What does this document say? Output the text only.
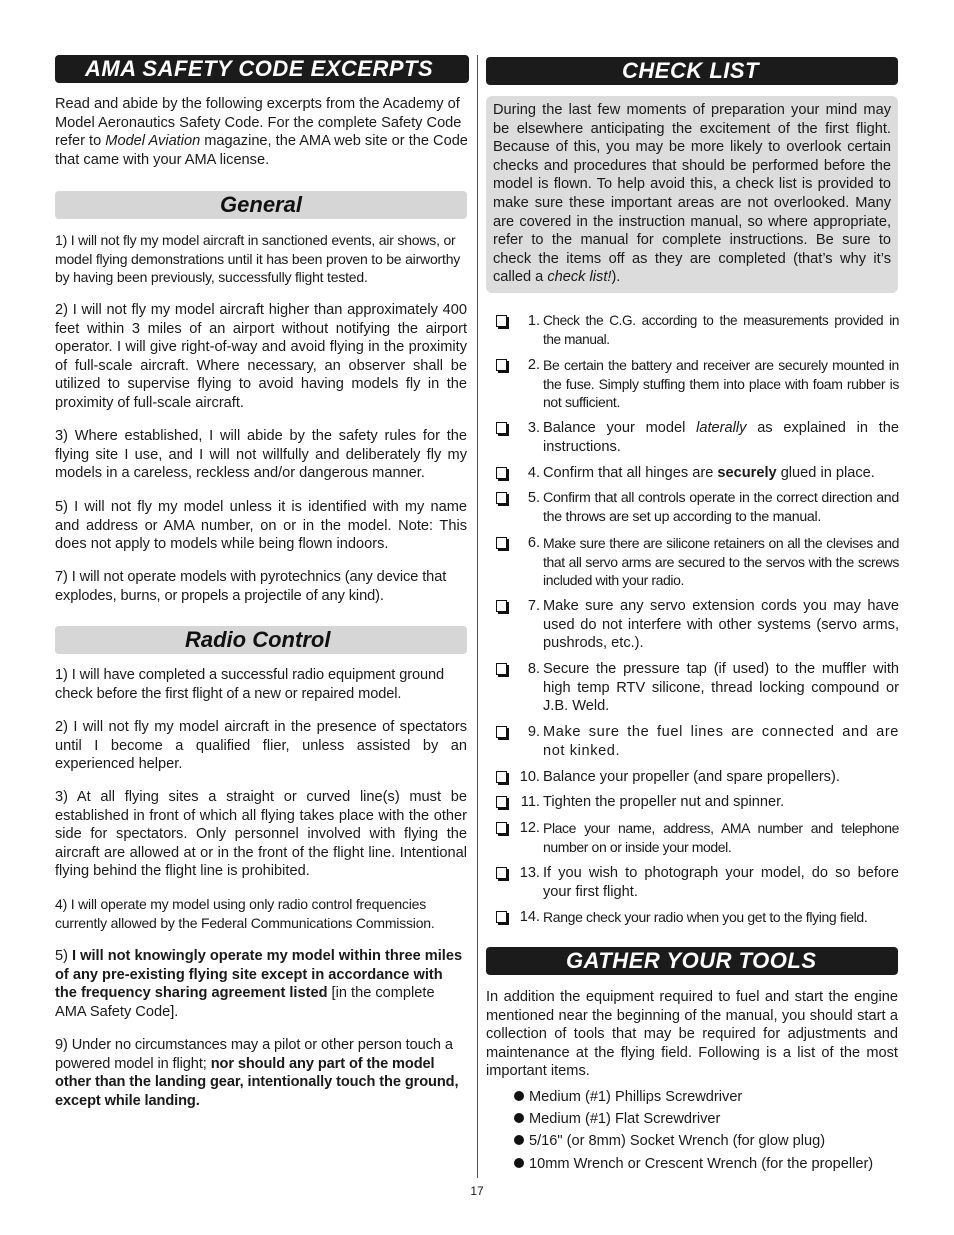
AMA SAFETY CODE EXCERPTS

Read and abide by the following excerpts from the Academy of Model Aeronautics Safety Code. For the complete Safety Code refer to Model Aviation magazine, the AMA web site or the Code that came with your AMA license.

General

1) I will not fly my model aircraft in sanctioned events, air shows, or model flying demonstrations until it has been proven to be airworthy by having been previously, successfully flight tested.

2) I will not fly my model aircraft higher than approximately 400 feet within 3 miles of an airport without notifying the airport operator. I will give right-of-way and avoid flying in the proximity of full-scale aircraft. Where necessary, an observer shall be utilized to supervise flying to avoid having models fly in the proximity of full-scale aircraft.

3) Where established, I will abide by the safety rules for the flying site I use, and I will not willfully and deliberately fly my models in a careless, reckless and/or dangerous manner.

5) I will not fly my model unless it is identified with my name and address or AMA number, on or in the model. Note: This does not apply to models while being flown indoors.

7) I will not operate models with pyrotechnics (any device that explodes, burns, or propels a projectile of any kind).

Radio Control

1) I will have completed a successful radio equipment ground check before the first flight of a new or repaired model.

2) I will not fly my model aircraft in the presence of spectators until I become a qualified flier, unless assisted by an experienced helper.

3) At all flying sites a straight or curved line(s) must be established in front of which all flying takes place with the other side for spectators. Only personnel involved with flying the aircraft are allowed at or in the front of the flight line. Intentional flying behind the flight line is prohibited.

4) I will operate my model using only radio control frequencies currently allowed by the Federal Communications Commission.

5) I will not knowingly operate my model within three miles of any pre-existing flying site except in accordance with the frequency sharing agreement listed [in the complete AMA Safety Code].

9) Under no circumstances may a pilot or other person touch a powered model in flight; nor should any part of the model other than the landing gear, intentionally touch the ground, except while landing.

CHECK LIST
During the last few moments of preparation your mind may be elsewhere anticipating the excitement of the first flight. Because of this, you may be more likely to overlook certain checks and procedures that should be performed before the model is flown. To help avoid this, a check list is provided to make sure these important areas are not overlooked. Many are covered in the instruction manual, so where appropriate, refer to the manual for complete instructions. Be sure to check the items off as they are completed (that’s why it’s called a check list!).
1. Check the C.G. according to the measurements provided in the manual.
2. Be certain the battery and receiver are securely mounted in the fuse. Simply stuffing them into place with foam rubber is not sufficient.
3. Balance your model laterally as explained in the instructions.
4. Confirm that all hinges are securely glued in place.
5. Confirm that all controls operate in the correct direction and the throws are set up according to the manual.
6. Make sure there are silicone retainers on all the clevises and that all servo arms are secured to the servos with the screws included with your radio.
7. Make sure any servo extension cords you may have used do not interfere with other systems (servo arms, pushrods, etc.).
8. Secure the pressure tap (if used) to the muffler with high temp RTV silicone, thread locking compound or J.B. Weld.
9. Make sure the fuel lines are connected and are not kinked.
10. Balance your propeller (and spare propellers).
11. Tighten the propeller nut and spinner.
12. Place your name, address, AMA number and telephone number on or inside your model.
13. If you wish to photograph your model, do so before your first flight.
14. Range check your radio when you get to the flying field.
GATHER YOUR TOOLS

In addition the equipment required to fuel and start the engine mentioned near the beginning of the manual, you should start a collection of tools that may be required for adjustments and maintenance at the flying field. Following is a list of the most important items.

Medium (#1) Phillips Screwdriver
Medium (#1) Flat Screwdriver
5/16" (or 8mm) Socket Wrench (for glow plug)
10mm Wrench or Crescent Wrench (for the propeller)
17
